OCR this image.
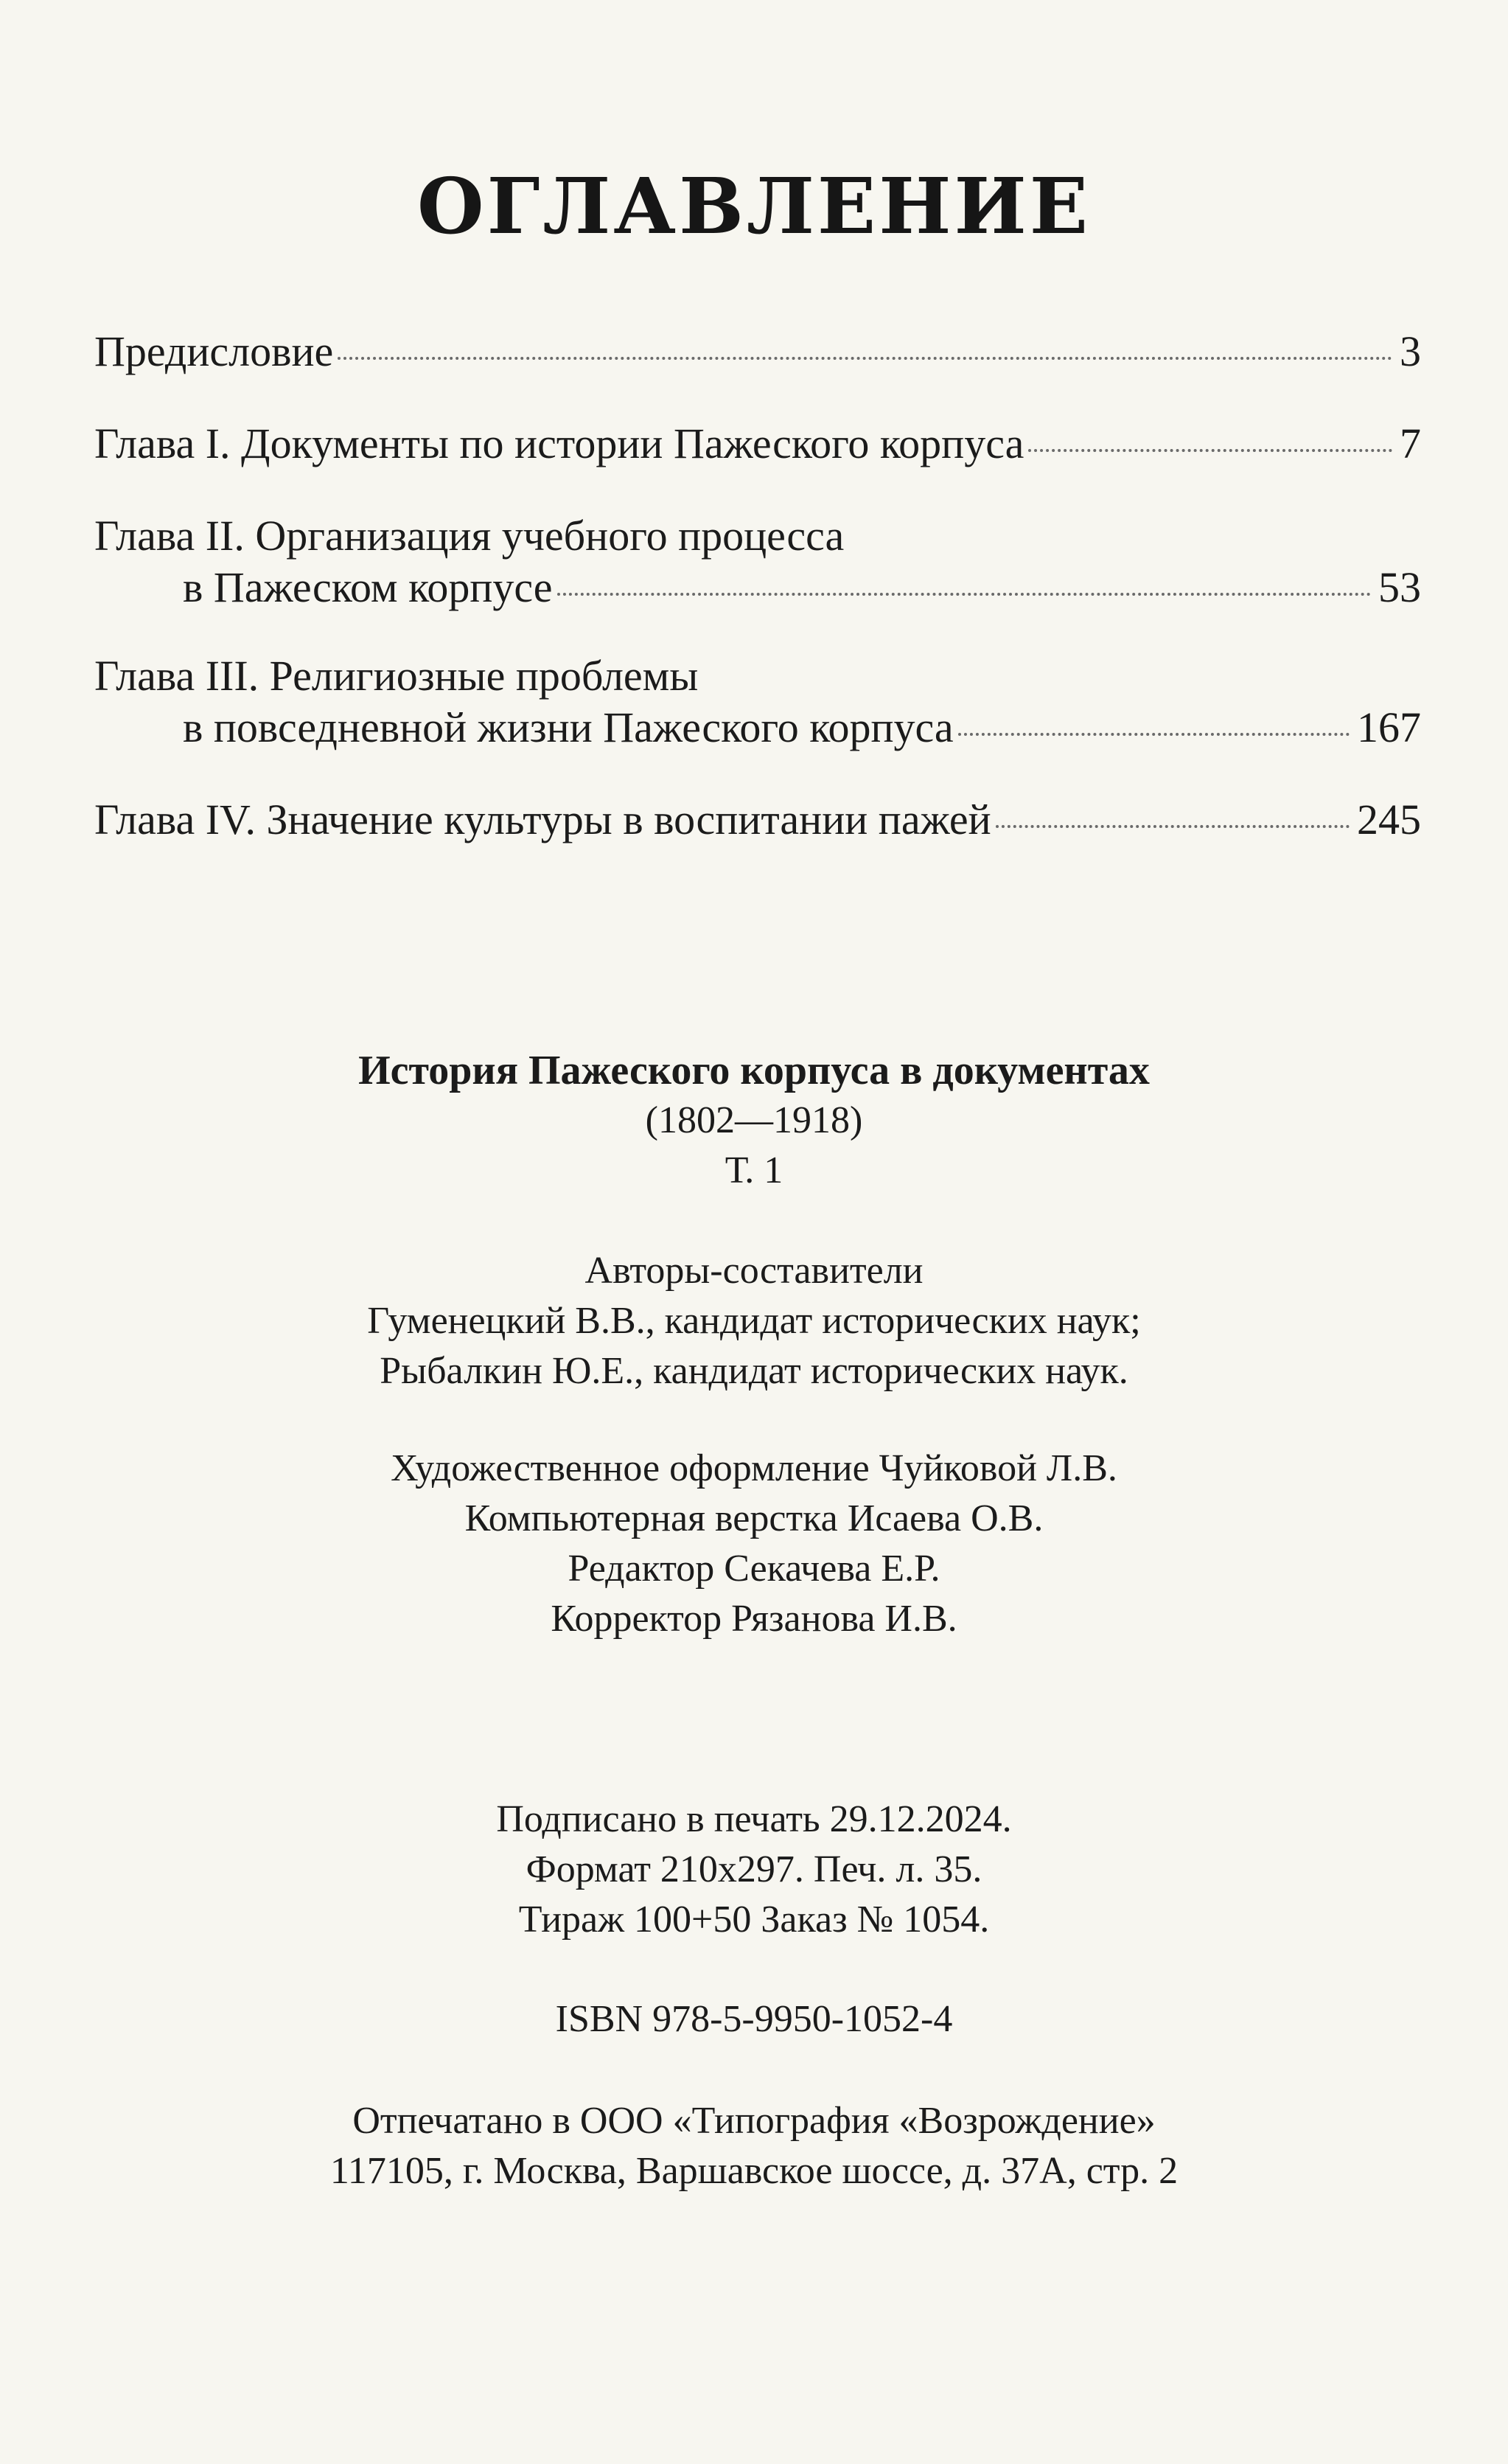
ОГЛАВЛЕНИЕ
Предисловие	3
Глава I. Документы по истории Пажеского корпуса	7
Глава II. Организация учебного процесса
в Пажеском корпусе	53
Глава III. Религиозные проблемы
в повседневной жизни Пажеского корпуса	167
Глава IV. Значение культуры в воспитании пажей	245
История Пажеского корпуса в документах
(1802—1918)
Т. 1
Авторы-составители
Гуменецкий В.В., кандидат исторических наук;
Рыбалкин Ю.Е., кандидат исторических наук.
Художественное оформление Чуйковой Л.В.
Компьютерная верстка Исаева О.В.
Редактор Секачева Е.Р.
Корректор Рязанова И.В.
Подписано в печать 29.12.2024.
Формат 210х297. Печ. л. 35.
Тираж 100+50 Заказ № 1054.
ISBN 978-5-9950-1052-4
Отпечатано в ООО «Типография «Возрождение»
117105, г. Москва, Варшавское шоссе, д. 37А, стр. 2
